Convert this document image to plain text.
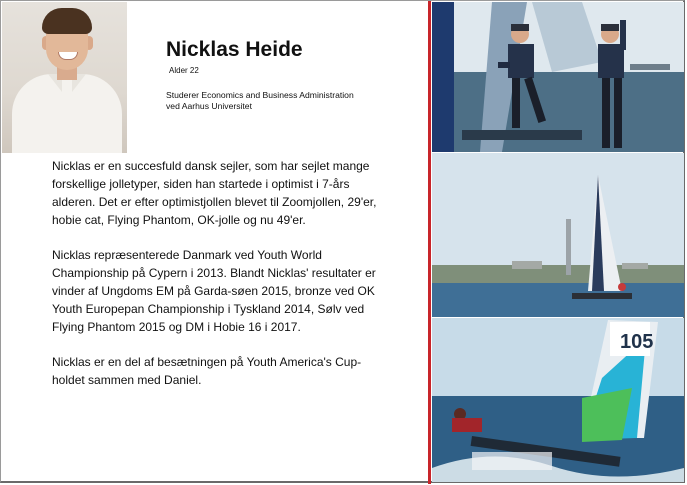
Nicklas Heide
Alder 22
Studerer Economics and Business Administration
ved Aarhus Universitet

Nicklas er en succesfuld dansk sejler, som har sejlet mange forskellige jolletyper, siden han startede i optimist i 7-års alderen. Det er efter optimistjollen blevet til Zoomjollen, 29'er, hobie cat, Flying Phantom, OK-jolle og nu 49'er.

Nicklas repræsenterede Danmark ved Youth World Championship på Cypern i 2013. Blandt Nicklas' resultater er vinder af Ungdoms EM på Garda-søen 2015, bronze ved OK Youth Europepan Championship i Tyskland 2014, Sølv ved Flying Phantom 2015 og DM i Hobie 16 i 2017.

Nicklas er en del af besætningen på Youth America's Cup-holdet sammen med Daniel.

105
